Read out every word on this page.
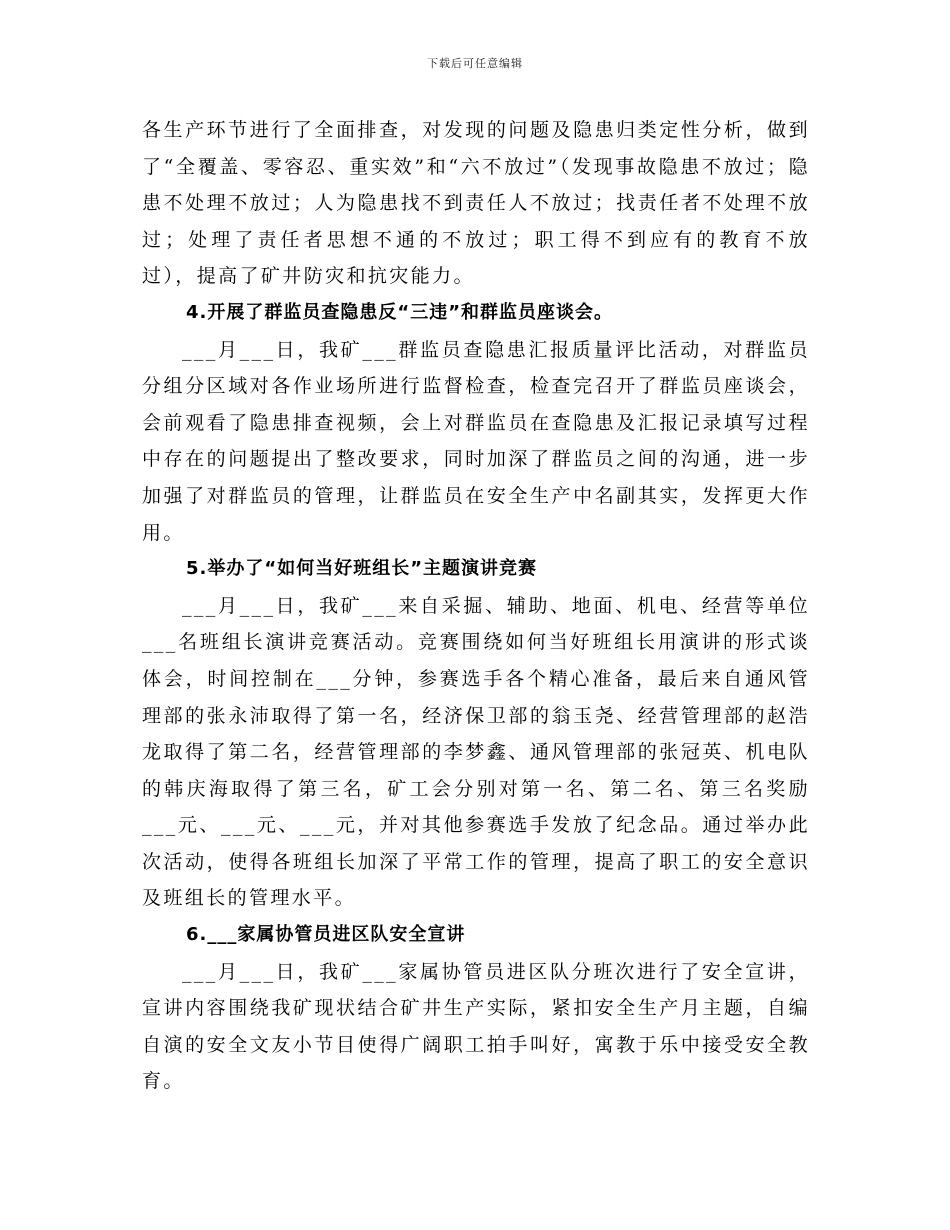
下载后可任意编辑

各生产环节进行了全面排查，对发现的问题及隐患归类定性分析，做到了“全覆盖、零容忍、重实效”和“六不放过”（发现事故隐患不放过；隐患不处理不放过；人为隐患找不到责任人不放过；找责任者不处理不放过；处理了责任者思想不通的不放过；职工得不到应有的教育不放过），提高了矿井防灾和抗灾能力。

4.开展了群监员查隐患反“三违”和群监员座谈会。

___月___日，我矿___群监员查隐患汇报质量评比活动，对群监员分组分区域对各作业场所进行监督检查，检查完召开了群监员座谈会，会前观看了隐患排查视频，会上对群监员在查隐患及汇报记录填写过程中存在的问题提出了整改要求，同时加深了群监员之间的沟通，进一步加强了对群监员的管理，让群监员在安全生产中名副其实，发挥更大作用。

5.举办了“如何当好班组长”主题演讲竞赛

___月___日，我矿___来自采掘、辅助、地面、机电、经营等单位___名班组长演讲竞赛活动。竞赛围绕如何当好班组长用演讲的形式谈体会，时间控制在___分钟，参赛选手各个精心准备，最后来自通风管理部的张永沛取得了第一名，经济保卫部的翁玉尧、经营管理部的赵浩龙取得了第二名，经营管理部的李梦鑫、通风管理部的张冠英、机电队的韩庆海取得了第三名，矿工会分别对第一名、第二名、第三名奖励___元、___元、___元，并对其他参赛选手发放了纪念品。通过举办此次活动，使得各班组长加深了平常工作的管理，提高了职工的安全意识及班组长的管理水平。

6.___家属协管员进区队安全宣讲

___月___日，我矿___家属协管员进区队分班次进行了安全宣讲，宣讲内容围绕我矿现状结合矿井生产实际，紧扣安全生产月主题，自编自演的安全文友小节目使得广阔职工拍手叫好，寓教于乐中接受安全教育。
